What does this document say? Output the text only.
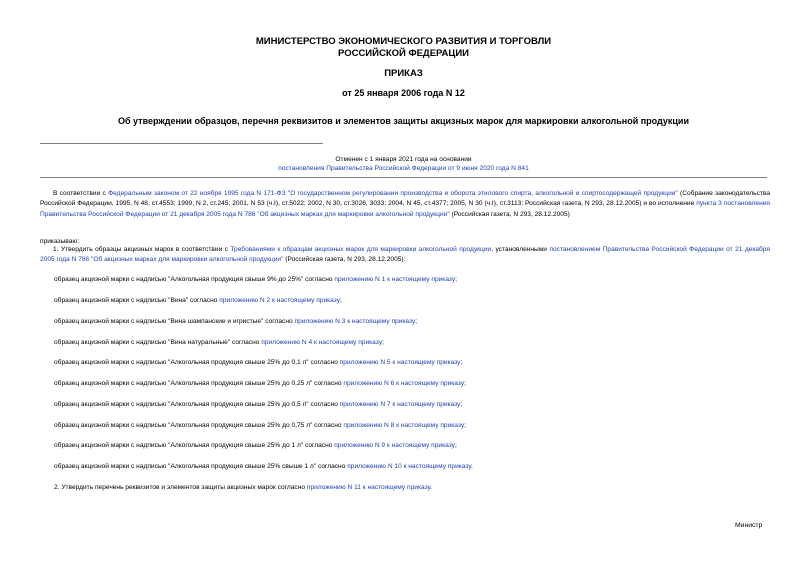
МИНИСТЕРСТВО ЭКОНОМИЧЕСКОГО РАЗВИТИЯ И ТОРГОВЛИ
РОССИЙСКОЙ ФЕДЕРАЦИИ
ПРИКАЗ
от 25 января 2006 года N 12
Об утверждении образцов, перечня реквизитов и элементов защиты акцизных марок для маркировки алкогольной продукции
Отменен с 1 января 2021 года на основании
постановления Правительства Российской Федерации от 9 июня 2020 года N 841
В соответствии с Федеральным законом от 22 ноября 1995 года N 171-ФЗ "О государственном регулировании производства и оборота этилового спирта, алкогольной и спиртосодержащей продукции" (Собрание законодательства Российской Федерации, 1995, N 48, ст.4553; 1999, N 2, ст.245; 2001, N 53 (ч.I), ст.5022; 2002, N 30, ст.3026, 3033; 2004, N 45, ст.4377; 2005, N 30 (ч.I), ст.3113; Российская газета, N 293, 28.12.2005) и во исполнение пункта 3 постановления Правительства Российской Федерации от 21 декабря 2005 года N 786 "Об акцизных марках для маркировки алкогольной продукции" (Российская газета, N 293, 28.12.2005)
приказываю:
1. Утвердить образцы акцизных марок в соответствии с Требованиями к образцам акцизных марок для маркировки алкогольной продукции, установленными постановлением Правительства Российской Федерации от 21 декабря 2005 года N 786 "Об акцизных марках для маркировки алкогольной продукции" (Российская газета, N 293, 28.12.2005):
образец акцизной марки с надписью "Алкогольная продукция свыше 9% до 25%" согласно приложению N 1 к настоящему приказу;
образец акцизной марки с надписью "Вина" согласно приложению N 2 к настоящему приказу;
образец акцизной марки с надписью "Вина шампанские и игристые" согласно приложению N 3 к настоящему приказу;
образец акцизной марки с надписью "Вина натуральные" согласно приложению N 4 к настоящему приказу;
образец акцизной марки с надписью "Алкогольная продукция свыше 25% до 0,1 л" согласно приложению N 5 к настоящему приказу;
образец акцизной марки с надписью "Алкогольная продукция свыше 25% до 0,25 л" согласно приложению N 6 к настоящему приказу;
образец акцизной марки с надписью "Алкогольная продукция свыше 25% до 0,5 л" согласно приложению N 7 к настоящему приказу;
образец акцизной марки с надписью "Алкогольная продукция свыше 25% до 0,75 л" согласно приложению N 8 к настоящему приказу;
образец акцизной марки с надписью "Алкогольная продукция свыше 25% до 1 л" согласно приложению N 9 к настоящему приказу;
образец акцизной марки с надписью "Алкогольная продукция свыше 25% свыше 1 л" согласно приложению N 10 к настоящему приказу.
2. Утвердить перечень реквизитов и элементов защиты акцизных марок согласно приложению N 11 к настоящему приказу.
Министр
